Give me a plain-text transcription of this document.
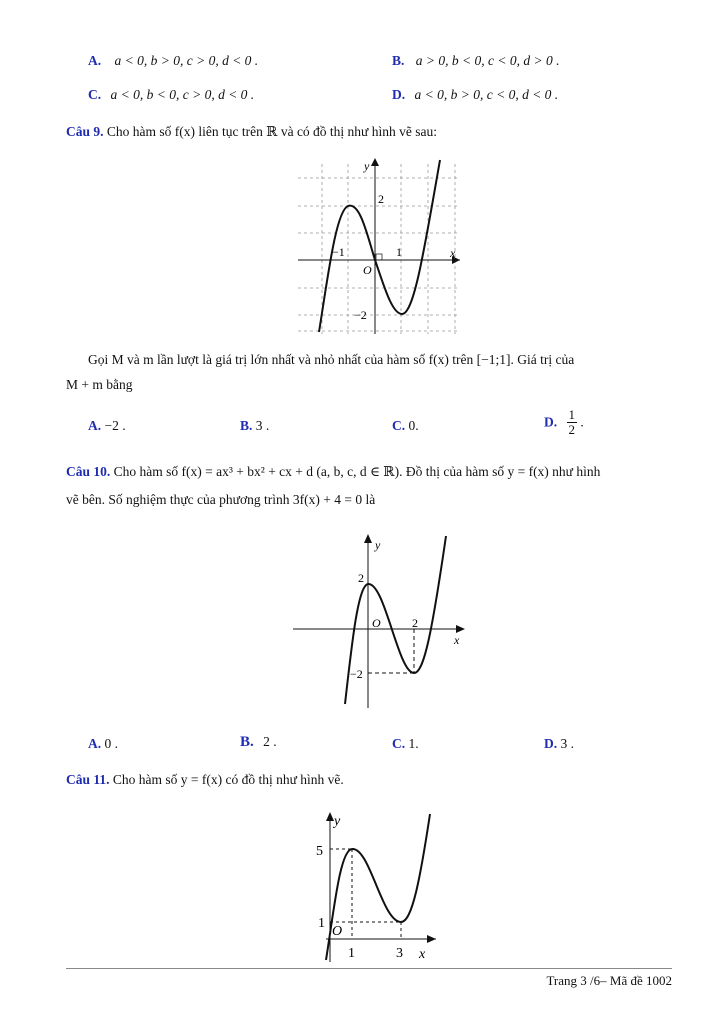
A. a < 0, b > 0, c > 0, d < 0 .	B. a > 0, b < 0, c < 0, d > 0 .
C. a < 0, b < 0, c > 0, d < 0 .	D. a < 0, b > 0, c < 0, d < 0 .
Câu 9. Cho hàm số f(x) liên tục trên ℝ và có đồ thị như hình vẽ sau:
y
x
O
2
−2
−1	1
Gọi M và m lần lượt là giá trị lớn nhất và nhỏ nhất của hàm số f(x) trên [−1;1]. Giá trị của
M + m bằng
A. −2 .	B. 3 .	C. 0.	D. $\frac{1}{2}$ .
Câu 10. Cho hàm số f(x) = ax³ + bx² + cx + d (a, b, c, d ∈ ℝ). Đồ thị của hàm số y = f(x) như hình
vẽ bên. Số nghiệm thực của phương trình 3f(x) + 4 = 0 là
y
x
O
2
2
−2
A. 0 .	B. 2 .	C. 1.	D. 3 .
Câu 11. Cho hàm số y = f(x) có đồ thị như hình vẽ.
y
x
O
5
1
1	3
Trang 3 /6– Mã đề 1002
